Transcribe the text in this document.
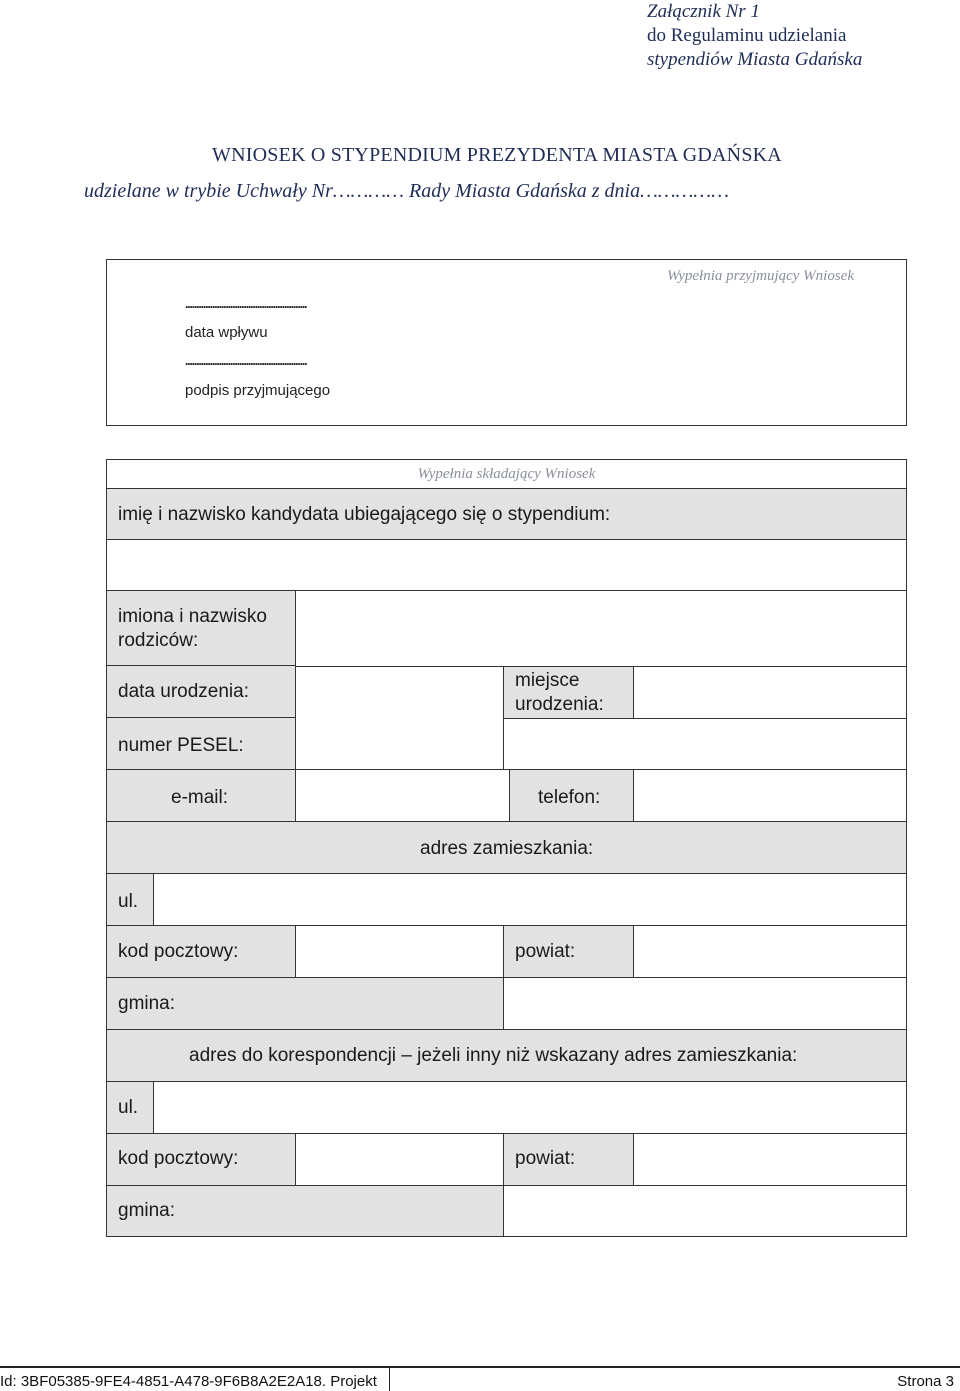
Załącznik Nr 1
do Regulaminu udzielania
stypendiów Miasta Gdańska
WNIOSEK O STYPENDIUM PREZYDENTA MIASTA GDAŃSKA
udzielane w trybie Uchwały Nr………… Rady Miasta Gdańska z dnia……………
Wypełnia przyjmujący Wniosek
......................................................
data wpływu
......................................................
podpis przyjmującego
Wypełnia składający Wniosek
imię i nazwisko kandydata ubiegającego się o stypendium:
imiona i nazwisko rodziców:
data urodzenia:
miejsce urodzenia:
numer PESEL:
e-mail:	telefon:
adres zamieszkania:
ul.
kod pocztowy:	powiat:
gmina:
adres do korespondencji – jeżeli inny niż wskazany adres zamieszkania:
ul.
kod pocztowy:	powiat:
gmina:
Id: 3BF05385-9FE4-4851-A478-9F6B8A2E2A18. Projekt	Strona 3
